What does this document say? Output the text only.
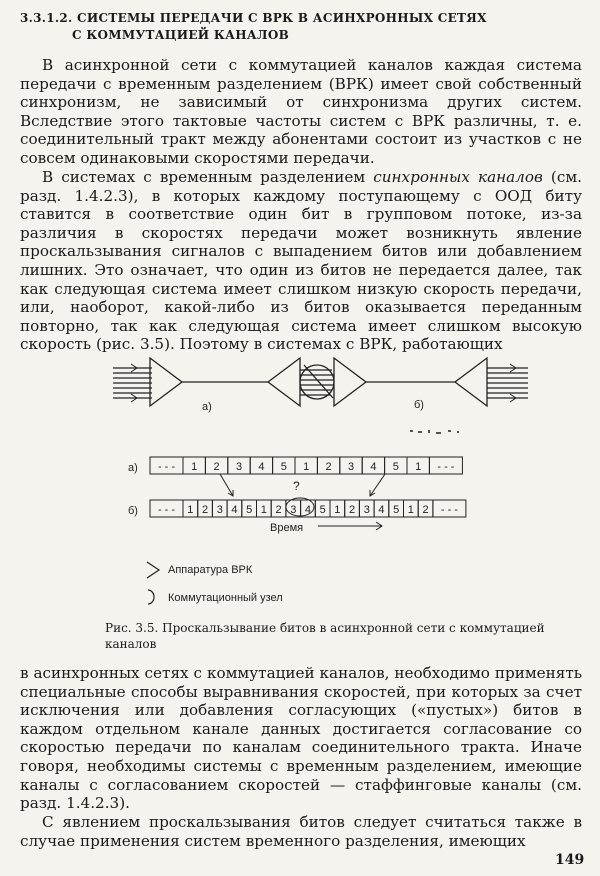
3.3.1.2. СИСТЕМЫ ПЕРЕДАЧИ С ВРК В АСИНХРОННЫХ СЕТЯХ
С КОММУТАЦИЕЙ КАНАЛОВ

В асинхронной сети с коммутацией каналов каждая система передачи с временным разделением (ВРК) имеет свой собственный синхронизм, не зависимый от синхронизма других систем. Вследствие этого тактовые частоты систем с ВРК различны, т. е. соединительный тракт между абонентами состоит из участков с не совсем одинаковыми скоростями передачи.

В системах с временным разделением синхронных каналов (см. разд. 1.4.2.3), в которых каждому поступающему с ООД биту ставится в соответствие один бит в групповом потоке, из-за различия в скоростях передачи может возникнуть явление проскальзывания сигналов с выпадением битов или добавлением лишних. Это означает, что один из битов не передается далее, так как следующая система имеет слишком низкую скорость передачи, или, наоборот, какой-либо из битов оказывается переданным повторно, так как следующая система имеет слишком высокую скорость (рис. 3.5). Поэтому в системах с ВРК, работающих

а)	б)
а) - - - 1 2 3 4 5 1 2 3 4 5 1 - - -
б) - - - 1 2 3 4 5 1 2 3 4 5 1 2 3 4 5 1 2 - - -
?
Время
Аппаратура ВРК
Коммутационный узел

Рис. 3.5. Проскальзывание битов в асинхронной сети с коммутацией каналов

в асинхронных сетях с коммутацией каналов, необходимо применять специальные способы выравнивания скоростей, при которых за счет исключения или добавления согласующих («пустых») битов в каждом отдельном канале данных достигается согласование со скоростью передачи по каналам соединительного тракта. Иначе говоря, необходимы системы с временным разделением, имеющие каналы с согласованием скоростей — стаффинговые каналы (см. разд. 1.4.2.3).

С явлением проскальзывания битов следует считаться также в случае применения систем временного разделения, имеющих

149
